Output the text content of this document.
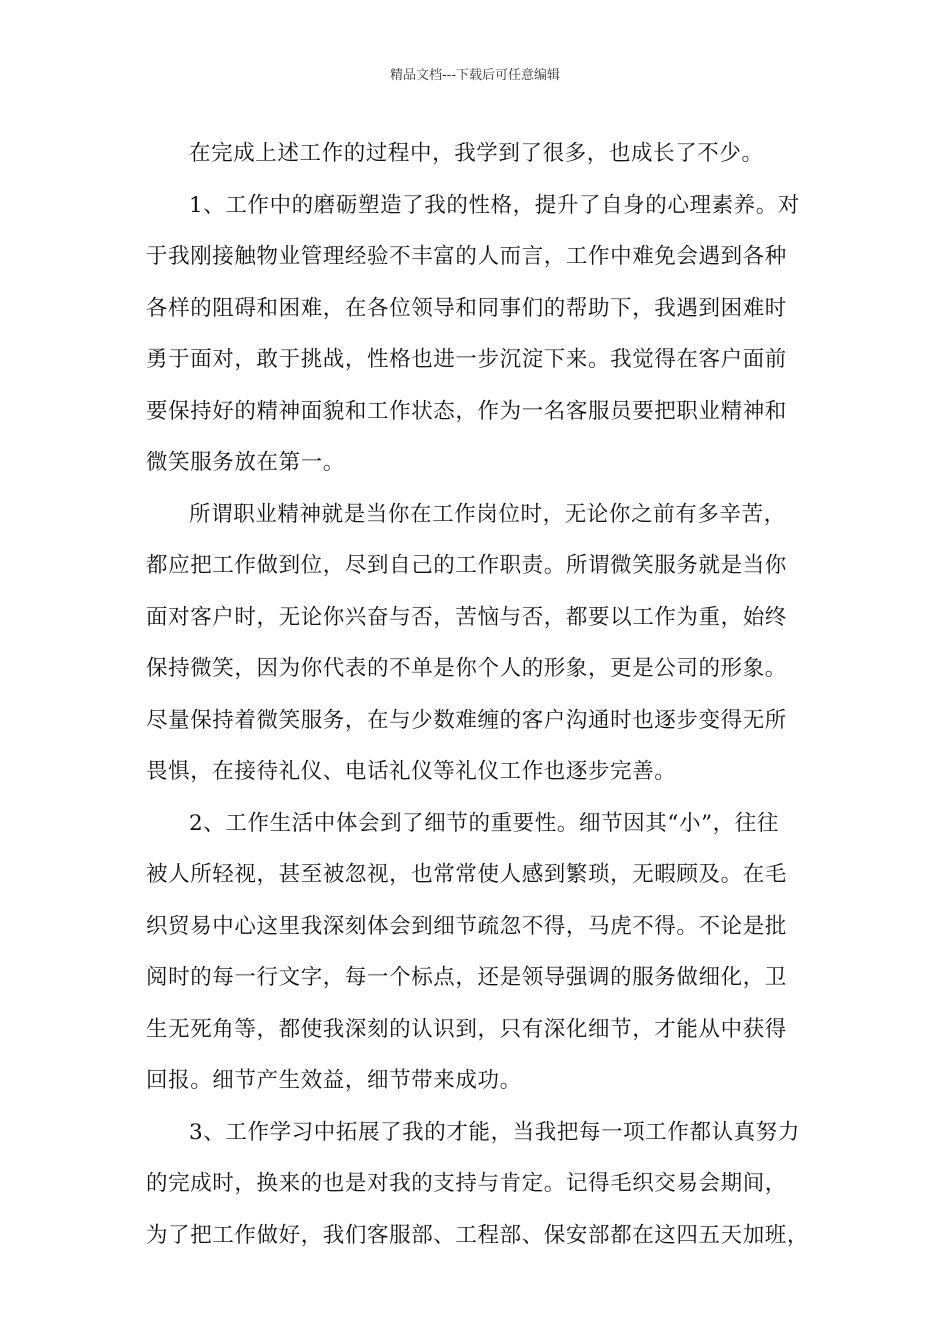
精品文档---下载后可任意编辑
在完成上述工作的过程中，我学到了很多，也成长了不少。
1、工作中的磨砺塑造了我的性格，提升了自身的心理素养。对
于我刚接触物业管理经验不丰富的人而言，工作中难免会遇到各种
各样的阻碍和困难，在各位领导和同事们的帮助下，我遇到困难时
勇于面对，敢于挑战，性格也进一步沉淀下来。我觉得在客户面前
要保持好的精神面貌和工作状态，作为一名客服员要把职业精神和
微笑服务放在第一。
所谓职业精神就是当你在工作岗位时，无论你之前有多辛苦，
都应把工作做到位，尽到自己的工作职责。所谓微笑服务就是当你
面对客户时，无论你兴奋与否，苦恼与否，都要以工作为重，始终
保持微笑，因为你代表的不单是你个人的形象，更是公司的形象。
尽量保持着微笑服务，在与少数难缠的客户沟通时也逐步变得无所
畏惧，在接待礼仪、电话礼仪等礼仪工作也逐步完善。
2、工作生活中体会到了细节的重要性。细节因其“小”，往往
被人所轻视，甚至被忽视，也常常使人感到繁琐，无暇顾及。在毛
织贸易中心这里我深刻体会到细节疏忽不得，马虎不得。不论是批
阅时的每一行文字，每一个标点，还是领导强调的服务做细化，卫
生无死角等，都使我深刻的认识到，只有深化细节，才能从中获得
回报。细节产生效益，细节带来成功。
3、工作学习中拓展了我的才能，当我把每一项工作都认真努力
的完成时，换来的也是对我的支持与肯定。记得毛织交易会期间，
为了把工作做好，我们客服部、工程部、保安部都在这四五天加班，
